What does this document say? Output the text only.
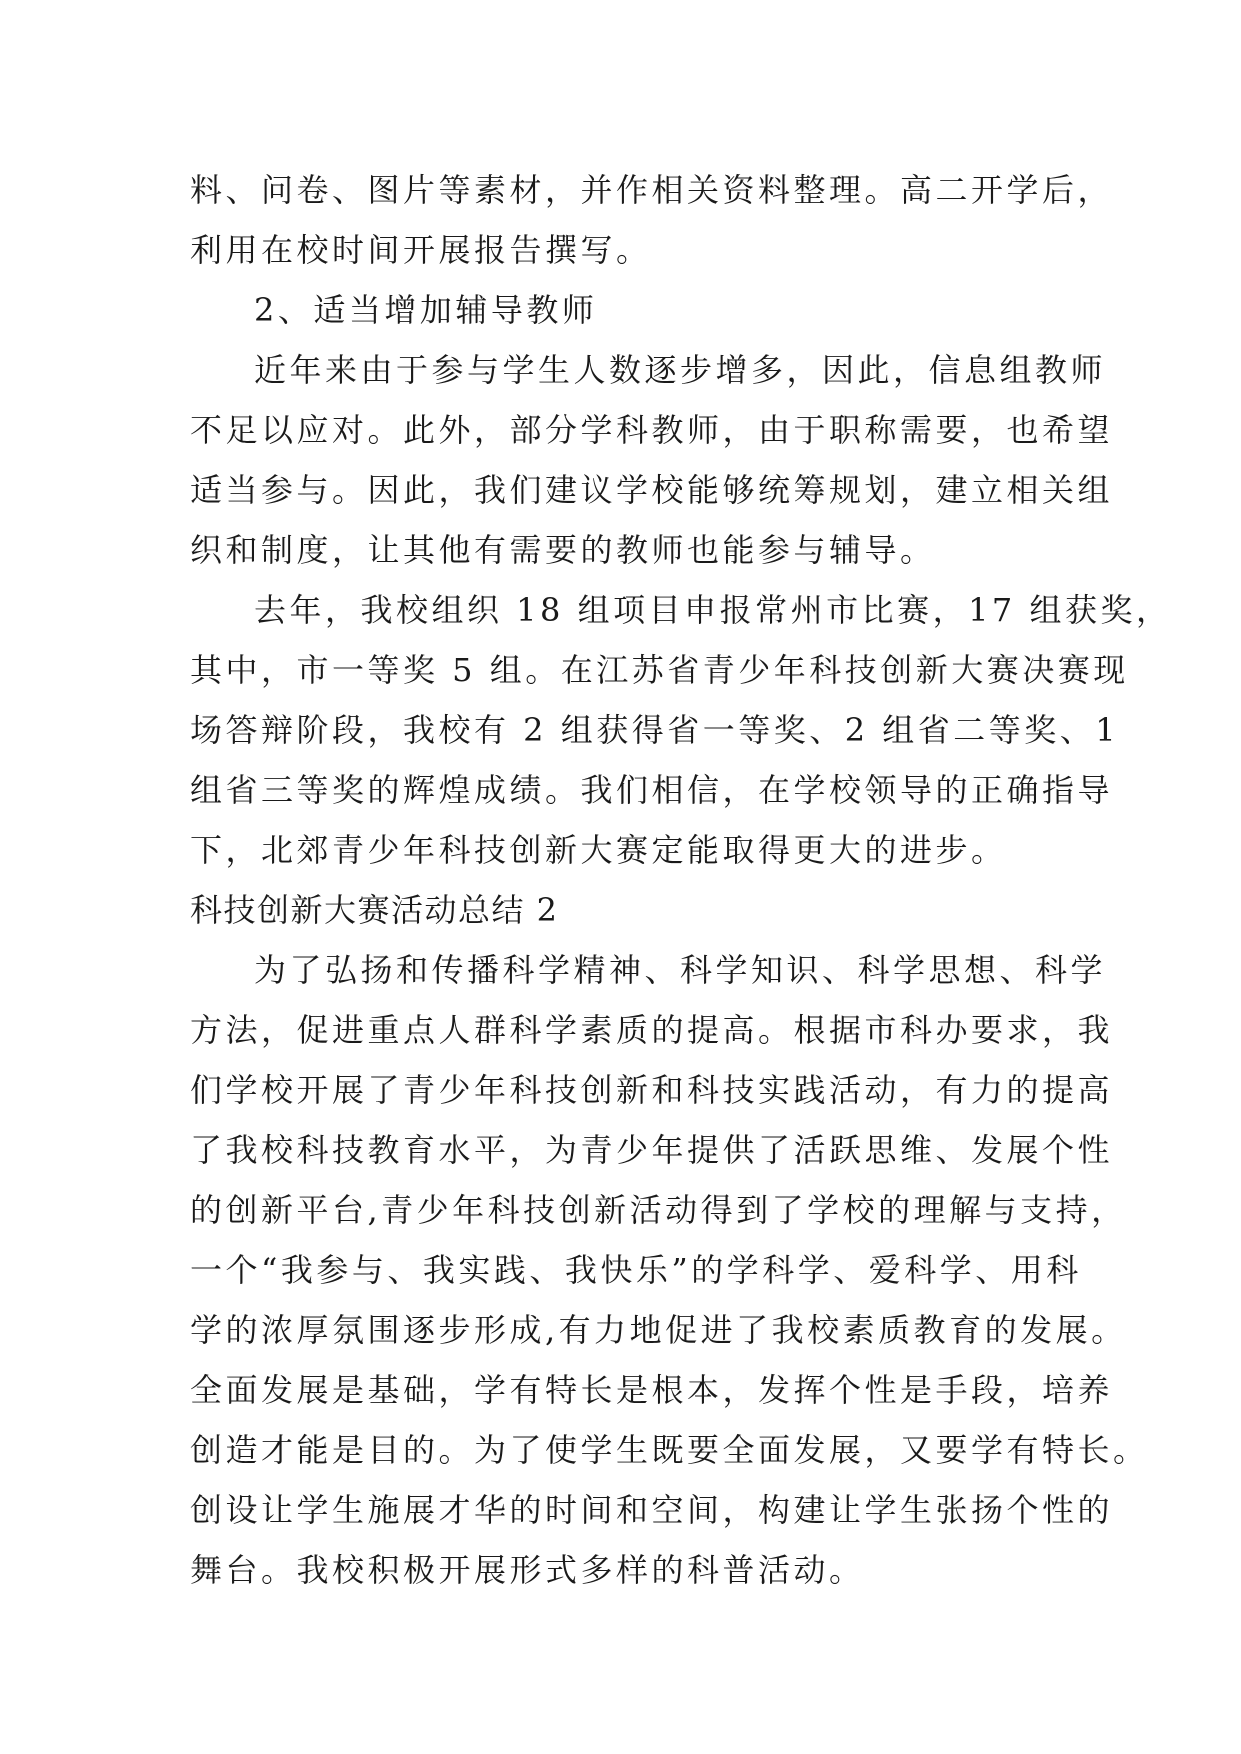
料、问卷、图片等素材，并作相关资料整理。高二开学后，
利用在校时间开展报告撰写。
2、适当增加辅导教师
近年来由于参与学生人数逐步增多，因此，信息组教师
不足以应对。此外，部分学科教师，由于职称需要，也希望
适当参与。因此，我们建议学校能够统筹规划，建立相关组
织和制度，让其他有需要的教师也能参与辅导。
去年，我校组织 18 组项目申报常州市比赛，17 组获奖，
其中，市一等奖 5 组。在江苏省青少年科技创新大赛决赛现
场答辩阶段，我校有 2 组获得省一等奖、2 组省二等奖、1
组省三等奖的辉煌成绩。我们相信，在学校领导的正确指导
下，北郊青少年科技创新大赛定能取得更大的进步。
科技创新大赛活动总结 2
为了弘扬和传播科学精神、科学知识、科学思想、科学
方法，促进重点人群科学素质的提高。根据市科办要求，我
们学校开展了青少年科技创新和科技实践活动，有力的提高
了我校科技教育水平，为青少年提供了活跃思维、发展个性
的创新平台,青少年科技创新活动得到了学校的理解与支持，
一个“我参与、我实践、我快乐”的学科学、爱科学、用科
学的浓厚氛围逐步形成,有力地促进了我校素质教育的发展。
全面发展是基础，学有特长是根本，发挥个性是手段，培养
创造才能是目的。为了使学生既要全面发展，又要学有特长。
创设让学生施展才华的时间和空间，构建让学生张扬个性的
舞台。我校积极开展形式多样的科普活动。
